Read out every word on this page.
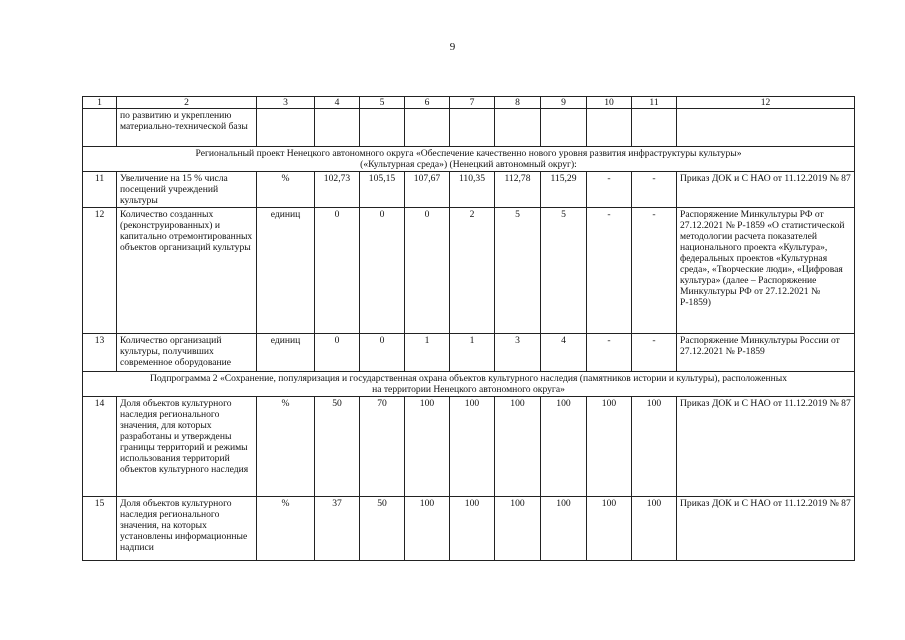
9
1	2	3	4	5	6	7	8	9	10	11	12
	по развитию и укреплению материально-технической базы										

Региональный проект Ненецкого автономного округа «Обеспечение качественно нового уровня развития инфраструктуры культуры»
(«Культурная среда») (Ненецкий автономный округ):											

11	Увеличение на 15 % числа посещений учреждений культуры	%	102,73	105,15	107,67	110,35	112,78	115,29	-	-	Приказ ДОК и С НАО от 11.12.2019 № 87
12	Количество созданных (реконструированных) и капитально отремонтированных объектов организаций культуры	единиц	0	0	0	2	5	5	-	-	Распоряжение Минкультуры РФ от 27.12.2021 № Р-1859 «О статистической методологии расчета показателей национального проекта «Культура», федеральных проектов «Культурная среда», «Творческие люди», «Цифровая культура» (далее – Распоряжение Минкультуры РФ от 27.12.2021 № Р-1859)
13	Количество организаций культуры, получивших современное оборудование	единиц	0	0	1	1	3	4	-	-	Распоряжение Минкультуры России от 27.12.2021 № Р-1859

Подпрограмма 2 «Сохранение, популяризация и государственная охрана объектов культурного наследия (памятников истории и культуры), расположенных
на территории Ненецкого автономного округа»											

14	Доля объектов культурного наследия регионального значения, для которых разработаны и утверждены границы территорий и режимы использования территорий объектов культурного наследия	%	50	70	100	100	100	100	100	100	Приказ ДОК и С НАО от 11.12.2019 № 87
15	Доля объектов культурного наследия регионального значения, на которых установлены информационные надписи	%	37	50	100	100	100	100	100	100	Приказ ДОК и С НАО от 11.12.2019 № 87
